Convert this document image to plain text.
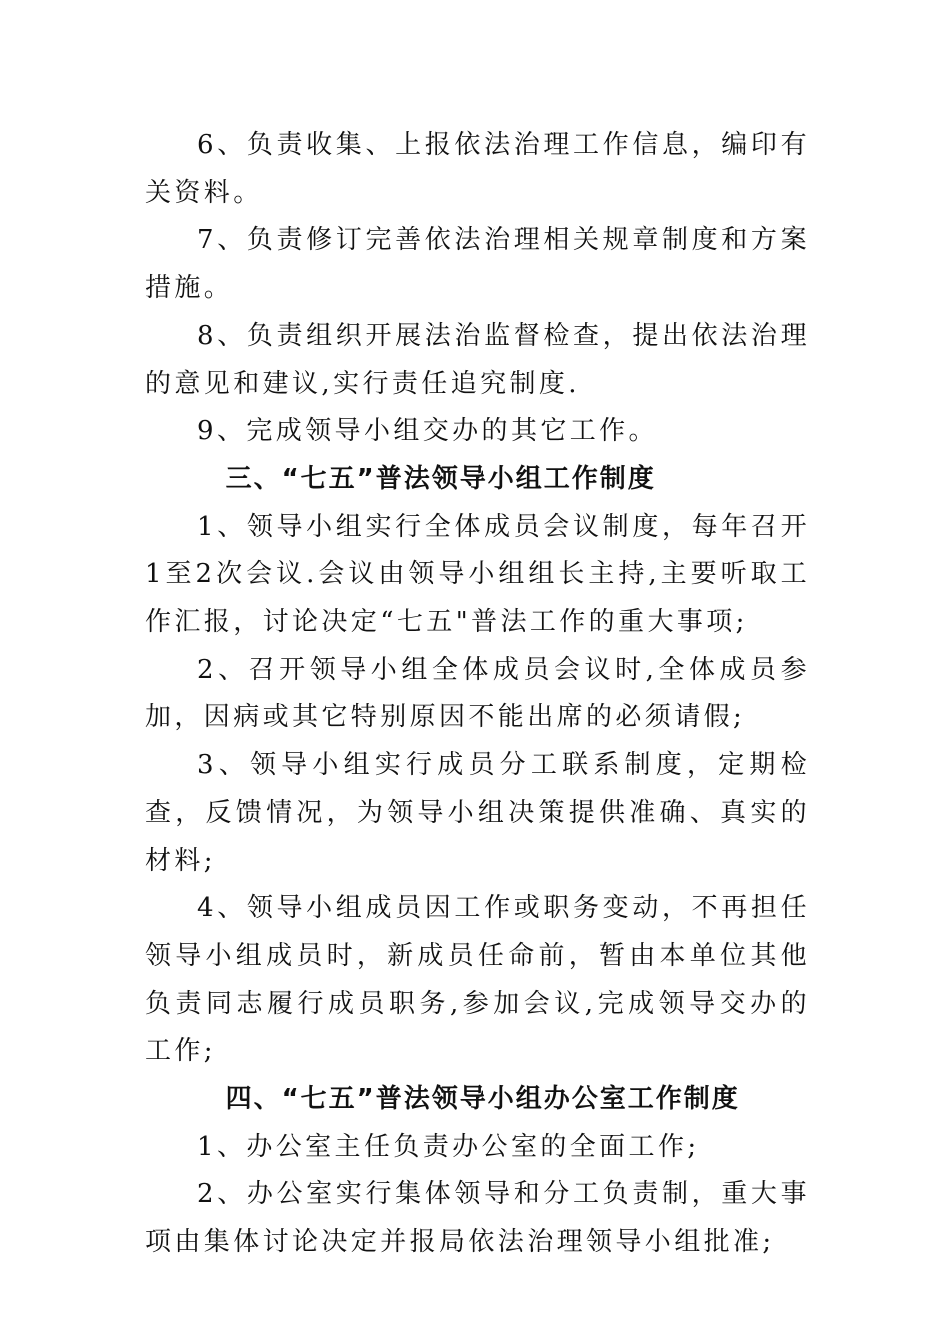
6、负责收集、上报依法治理工作信息，编印有关资料。

7、负责修订完善依法治理相关规章制度和方案措施。

8、负责组织开展法治监督检查，提出依法治理的意见和建议,实行责任追究制度.

9、完成领导小组交办的其它工作。

三、“七五”普法领导小组工作制度

1、领导小组实行全体成员会议制度，每年召开1至2次会议.会议由领导小组组长主持,主要听取工作汇报，讨论决定“七五"普法工作的重大事项;

2、召开领导小组全体成员会议时,全体成员参加，因病或其它特别原因不能出席的必须请假;

3、领导小组实行成员分工联系制度，定期检查，反馈情况，为领导小组决策提供准确、真实的材料;

4、领导小组成员因工作或职务变动，不再担任领导小组成员时，新成员任命前，暂由本单位其他负责同志履行成员职务,参加会议,完成领导交办的工作;

四、“七五”普法领导小组办公室工作制度

1、办公室主任负责办公室的全面工作;

2、办公室实行集体领导和分工负责制，重大事项由集体讨论决定并报局依法治理领导小组批准;
